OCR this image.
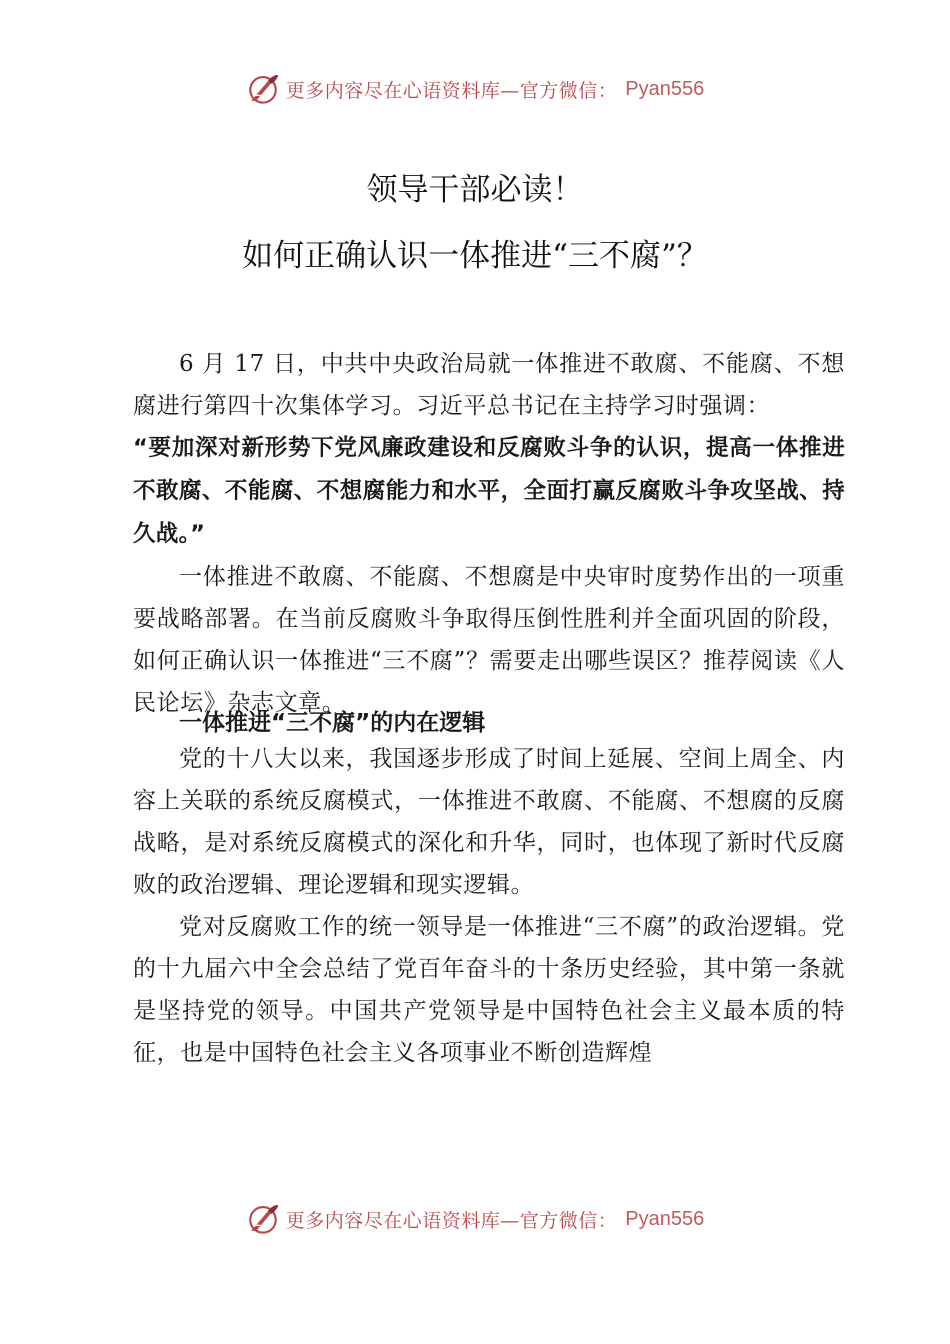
更多内容尽在心语资料库—官方微信： Pyan556
领导干部必读！
如何正确认识一体推进“三不腐”？

6 月 17 日，中共中央政治局就一体推进不敢腐、不能腐、不想腐进行第四十次集体学习。习近平总书记在主持学习时强调：

“要加深对新形势下党风廉政建设和反腐败斗争的认识，提高一体推进不敢腐、不能腐、不想腐能力和水平，全面打赢反腐败斗争攻坚战、持久战。”

一体推进不敢腐、不能腐、不想腐是中央审时度势作出的一项重要战略部署。在当前反腐败斗争取得压倒性胜利并全面巩固的阶段，如何正确认识一体推进“三不腐”？需要走出哪些误区？推荐阅读《人民论坛》杂志文章。

一体推进“三不腐”的内在逻辑

党的十八大以来，我国逐步形成了时间上延展、空间上周全、内容上关联的系统反腐模式，一体推进不敢腐、不能腐、不想腐的反腐战略，是对系统反腐模式的深化和升华，同时，也体现了新时代反腐败的政治逻辑、理论逻辑和现实逻辑。

党对反腐败工作的统一领导是一体推进“三不腐”的政治逻辑。党的十九届六中全会总结了党百年奋斗的十条历史经验，其中第一条就是坚持党的领导。中国共产党领导是中国特色社会主义最本质的特征，也是中国特色社会主义各项事业不断创造辉煌

更多内容尽在心语资料库—官方微信： Pyan556
